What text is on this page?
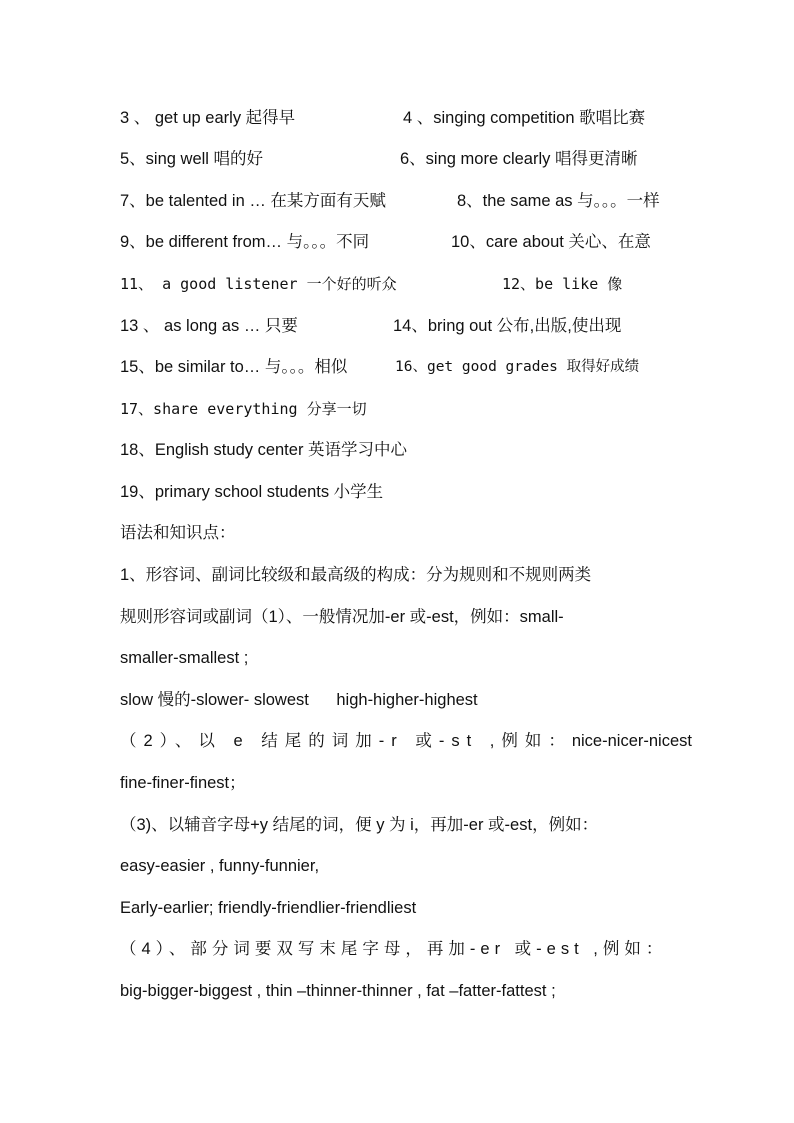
3 、 get up early 起得早	4 、singing competition 歌唱比赛
5、sing well 唱的好	6、sing more clearly 唱得更清晰
7、be talented in … 在某方面有天赋	8、the same as 与。。。一样
9、be different from… 与。。。不同	10、care about 关心、在意
11、 a good listener 一个好的听众	12、be like 像
13 、 as long as … 只要	14、bring out 公布,出版,使出现
15、be similar to… 与。。。相似	16、get good grades 取得好成绩
17、share everything 分享一切
18、English study center 英语学习中心
19、primary school students 小学生
语法和知识点：
1、形容词、副词比较级和最高级的构成：分为规则和不规则两类
规则形容词或副词（1）、一般情况加-er 或-est，例如：small-
smaller-smallest ;
slow 慢的-slower- slowest      high-higher-highest
（2）、以 e 结尾的词加-r 或-st ,例如： nice-nicer-nicest
fine-finer-finest；
（3)、以辅音字母+y 结尾的词，便 y 为 i，再加-er 或-est，例如：
easy-easier , funny-funnier,
Early-earlier; friendly-friendlier-friendliest
（4）、部分词要双写末尾字母，再加-er 或-est ,例如：
big-bigger-biggest , thin –thinner-thinner , fat –fatter-fattest ;
